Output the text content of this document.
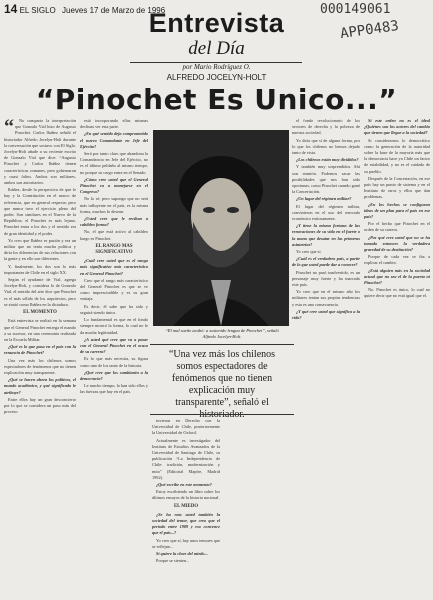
14 EL SIGLO Jueves 17 de Marzo de 1996	000149061
APP0483
Entrevista
del Día
por Mario Rodríguez O.
ALFREDO JOCELYN-HOLT
“Pinochet Es Unico...”
“	No comparto la interpretación que Gonzalo Vial hizo de Augusto Pinochet. Carlos Ibáñez señaló el historiador Alfredo Jocelyn-Holt durante la conversación que sostuvo con El Siglo. Jocelyn-Holt añade a su reciente escrito de Gonzalo Vial que dice: “Augusto Pinochet y Carlos Ibáñez tienen características comunes, pero gobernaron y cuasi faltos. Ambos son militares, ambos son autoritarios.

Ibáñez, desde la perspectiva de que le hay y la Constitución en el marco de referencia, que en general respecta; pero que nunca tuvo el ejercicio pleno del poder. Son similares en el Nuevo de la República; el Pinochet es más lejano. Pinochet entra a los dos y el sentido era de gran identidad y el poder.

Yo creo que Ibáñez es pasión y era un militar que no tenía mucha política y diría los diferencias de sus relaciones con la gente y en ello son diferentes.

Y, finalmente, los dos son lo más importantes de Chile en el siglo XX.

Según el ayudante de Vial, agrega Jocelyn-Holt, y considera lo de Gonzalo Vial, el sentido del arte dice que Pinochet es el más sólido de los arquitectos, pero se sintió como Ibáñez en la dictadura.

EL MOMENTO

Está entrevista se realizó en la semana que el General Pinochet entrega el mando a su sucesor, en una ceremonia realizada en la Escuela Militar.

¿Qué es lo que pasa en el país con la renuncia de Pinochet?

Una vez más los chilenos somos espectadores de fenómenos que no tienen explicación muy transparente.

¿Qué se hacen ahora los políticos, el mundo académico, y qué significado le atribuye?

Entre ellos hay un gran desconcierto por lo que se considera un paso más del proceso.

está incorporando ellas mismas declinas ver esta parte.

¿En qué sentido deja comprometido el nuevo Comandante en Jefe del Ejército?

Será por tanto claro que abandona la Comandancia en Jefe del Ejército, no es el último peldaño al mismo tiempo, no porque su cargo entra en el Senado.

¿Cómo cree usted que el General Pinochet va a manejarse en el Congreso?

No lo sé, pero supongo que no será más influyente en el país, es la misma forma, muchos lo desean.

¿Usted cree que le reciban a cabildeo forma?

No, el que está activo al cabildeo luego es Pinochet.

EL RANGO MAS SIGNIFICATIVO

¿Cuál cree usted que es el rango más significativo más característico en el General Pinochet?

Creo que el rango más característico del General Pinochet es que se ve como imprescindible y es su gran ventaja.

Es decir, él sabe que ha sido y seguirá siendo único.

Lo fundamental es que en el fondo siempre mostró la forma, lo cual no le da mucha legitimidad.

¿A usted qué cree que va a pasar con el General Pinochet en el ocaso de su carrera?

Es lo que más necesita, su figura como uno de los tanto de la historia.

¿Qué cree que los cambiarán a la democracia?

Le mucho tiempo, lo han sido ellos y las fuerzas que hay en el país.

“El mal sueño acabó: a sostenido lengua de Pinochet”, señaló Alfredo Jocelyn-Holt.
“Una vez más los chilenos somos espectadores de fenómenos que no tienen explicación muy transparente”, señaló el

tuvieron en Derecho con la Universidad de Chile, posteriormente la Universidad de Oxford.

Actualmente es investigador del Instituto de Estudios Avanzados de la Universidad de Santiago de Chile, su publicación “La Independencia de Chile: tradición, modernización y mito” (Editorial Mapfre, Madrid 1992).

¿Qué escribe en este momento?

Estoy escribiendo un libro sobre los últimos ensayos de la historia nacional.

EL MIEDO

¿Se ha roto usted también la sociedad del temor, que creo que el período entre 1989 y eso convence que el país...?

Yo creo que sí, hay unos temores que se reflejan...

Si quiere la clave del miedo...

Porque se sienten...

el fondo revolucionario de los sectores de derecha y la pobreza de nuestra sociedad.

Yo diría que sí de alguna forma, por lo que los chilenos no hemos dejado tanto de vista.

¿Los chilenos están muy divididos?

Y también muy sorprendidos. Ahí son reunión. Podemos sacar las posibilidades que nos han sido oportunas, como Pinochet cuando ganó la Concertación.

¿Un lugar del régimen militar?

El lugar del régimen militar, convinieron en el uso del mercado económico exitosamente.

¿Y tiene la misma fortuna de las renovaciones de su vida en el fuerte o la mano que desatar en las primeras asimetrías?

Yo creo que sí.

¿Cuál es el verdadero país, a partir de lo que usted puede dar a conocer?

Pinochet no pasó inadvertido, es un personaje muy fuerte y ha marcado este país.

Yo creo que en el mismo año los militares tenían sus propias tendencias y esta es una consecuencia.

¿Y qué cree usted que significa a la vida?

Si este orden no es el ideal ¿Quiénes son los actores del cambio que tienen que llegar a la sociedad?

Si consideramos lo democrático como la generación de la autoridad sobre la base de la mayoría más que la democracia hace ya Chile un factor de estabilidad, y no es el cuidado de su pueblo.

Después de la Concertación, en ese país hay un punto de sistema y en el Instituto de otros y ellos que dan problemas.

¿En los hechos se configuran ideas de un plan para el país en ese país?

Por el hecho que Pinochet en el orden de su carrera.

¿Por qué cree usted que no se ha tomado entonces la verdadera gravedad de su destitución?

Porque de cada vez se iba a explicar el cambio.

¿Está alguien más en la sociedad actual que no sea el de la puerta ni Pinochet?

No. Pinochet es único, lo cual no quiere decir que no está igual que el.
